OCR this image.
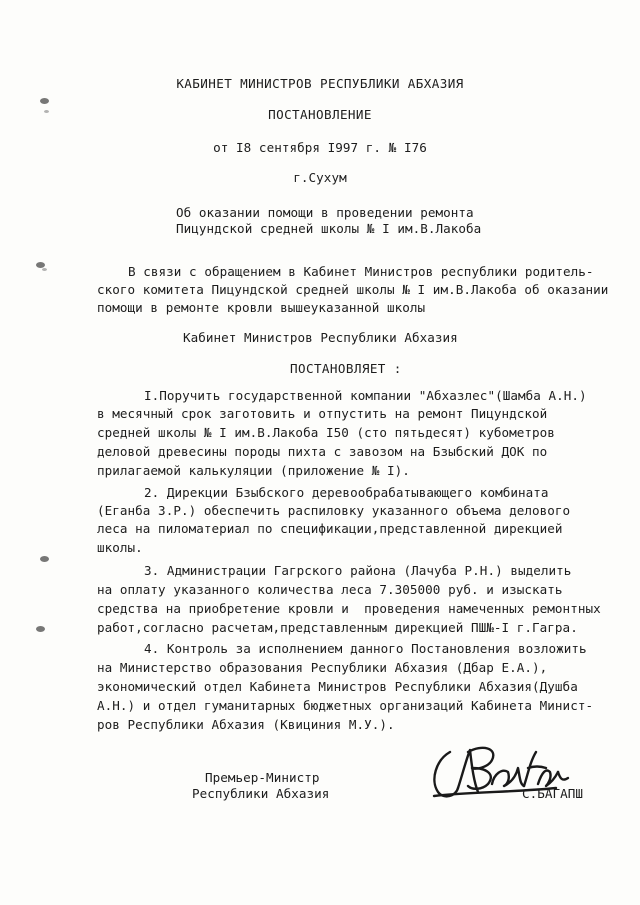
КАБИНЕТ МИНИСТРОВ РЕСПУБЛИКИ АБХАЗИЯ
ПОСТАНОВЛЕНИЕ
от I8 сентября I997 г. № I76
г.Сухум
Об оказании помощи в проведении ремонта
Пицундской средней школы № I им.В.Лакоба
В связи с обращением в Кабинет Министров республики родитель-
ского комитета Пицундской средней школы № I им.В.Лакоба об оказании
помощи в ремонте кровли вышеуказанной школы
Кабинет Министров Республики Абхазия
ПОСТАНОВЛЯЕТ :
I.Поручить государственной компании "Абхазлес"(Шамба А.Н.)
в месячный срок заготовить и отпустить на ремонт Пицундской
средней школы № I им.В.Лакоба I50 (сто пятьдесят) кубометров
деловой древесины породы пихта с завозом на Бзыбский ДОК по
прилагаемой калькуляции (приложение № I).
2. Дирекции Бзыбского деревообрабатывающего комбината
(Еганба З.Р.) обеспечить распиловку указанного объема делового
леса на пиломатериал по спецификации,представленной дирекцией
школы.
3. Администрации Гагрского района (Лачуба Р.Н.) выделить
на оплату указанного количества леса 7.305000 руб. и изыскать
средства на приобретение кровли и  проведения намеченных ремонтных
работ,согласно расчетам,представленным дирекцией ПШ№-I г.Гагра.
4. Контроль за исполнением данного Постановления возложить
на Министерство образования Республики Абхазия (Дбар Е.А.),
экономический отдел Кабинета Министров Республики Абхазия(Душба
А.Н.) и отдел гуманитарных бюджетных организаций Кабинета Минист-
ров Республики Абхазия (Квициния М.У.).
Премьер-Министр
Республики Абхазия	С.БАГАПШ
